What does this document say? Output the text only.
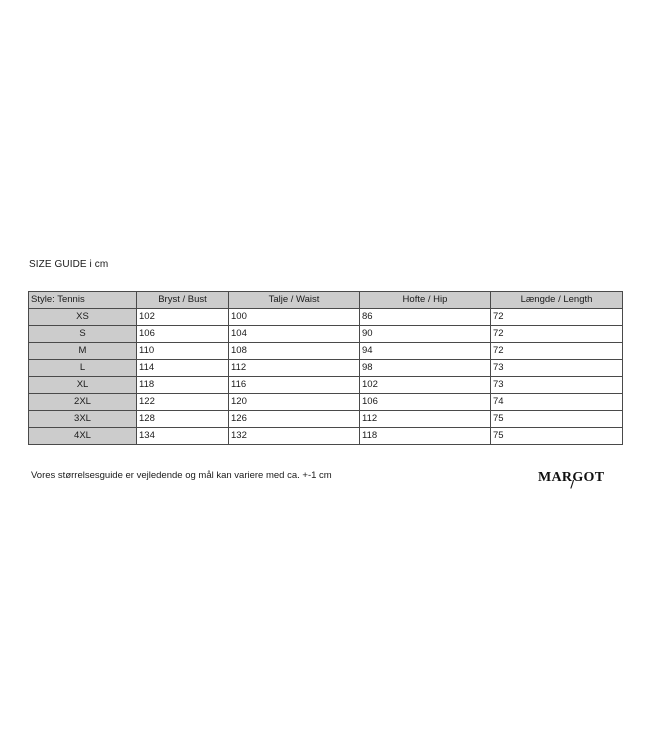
SIZE GUIDE i cm
Style: Tennis	Bryst / Bust	Talje / Waist	Hofte / Hip	Længde / Length
XS	102	100	86	72
S	106	104	90	72
M	110	108	94	72
L	114	112	98	73
XL	118	116	102	73
2XL	122	120	106	74
3XL	128	126	112	75
4XL	134	132	118	75
Vores størrelsesguide er vejledende og mål kan variere med ca. +-1 cm	MARGOT
